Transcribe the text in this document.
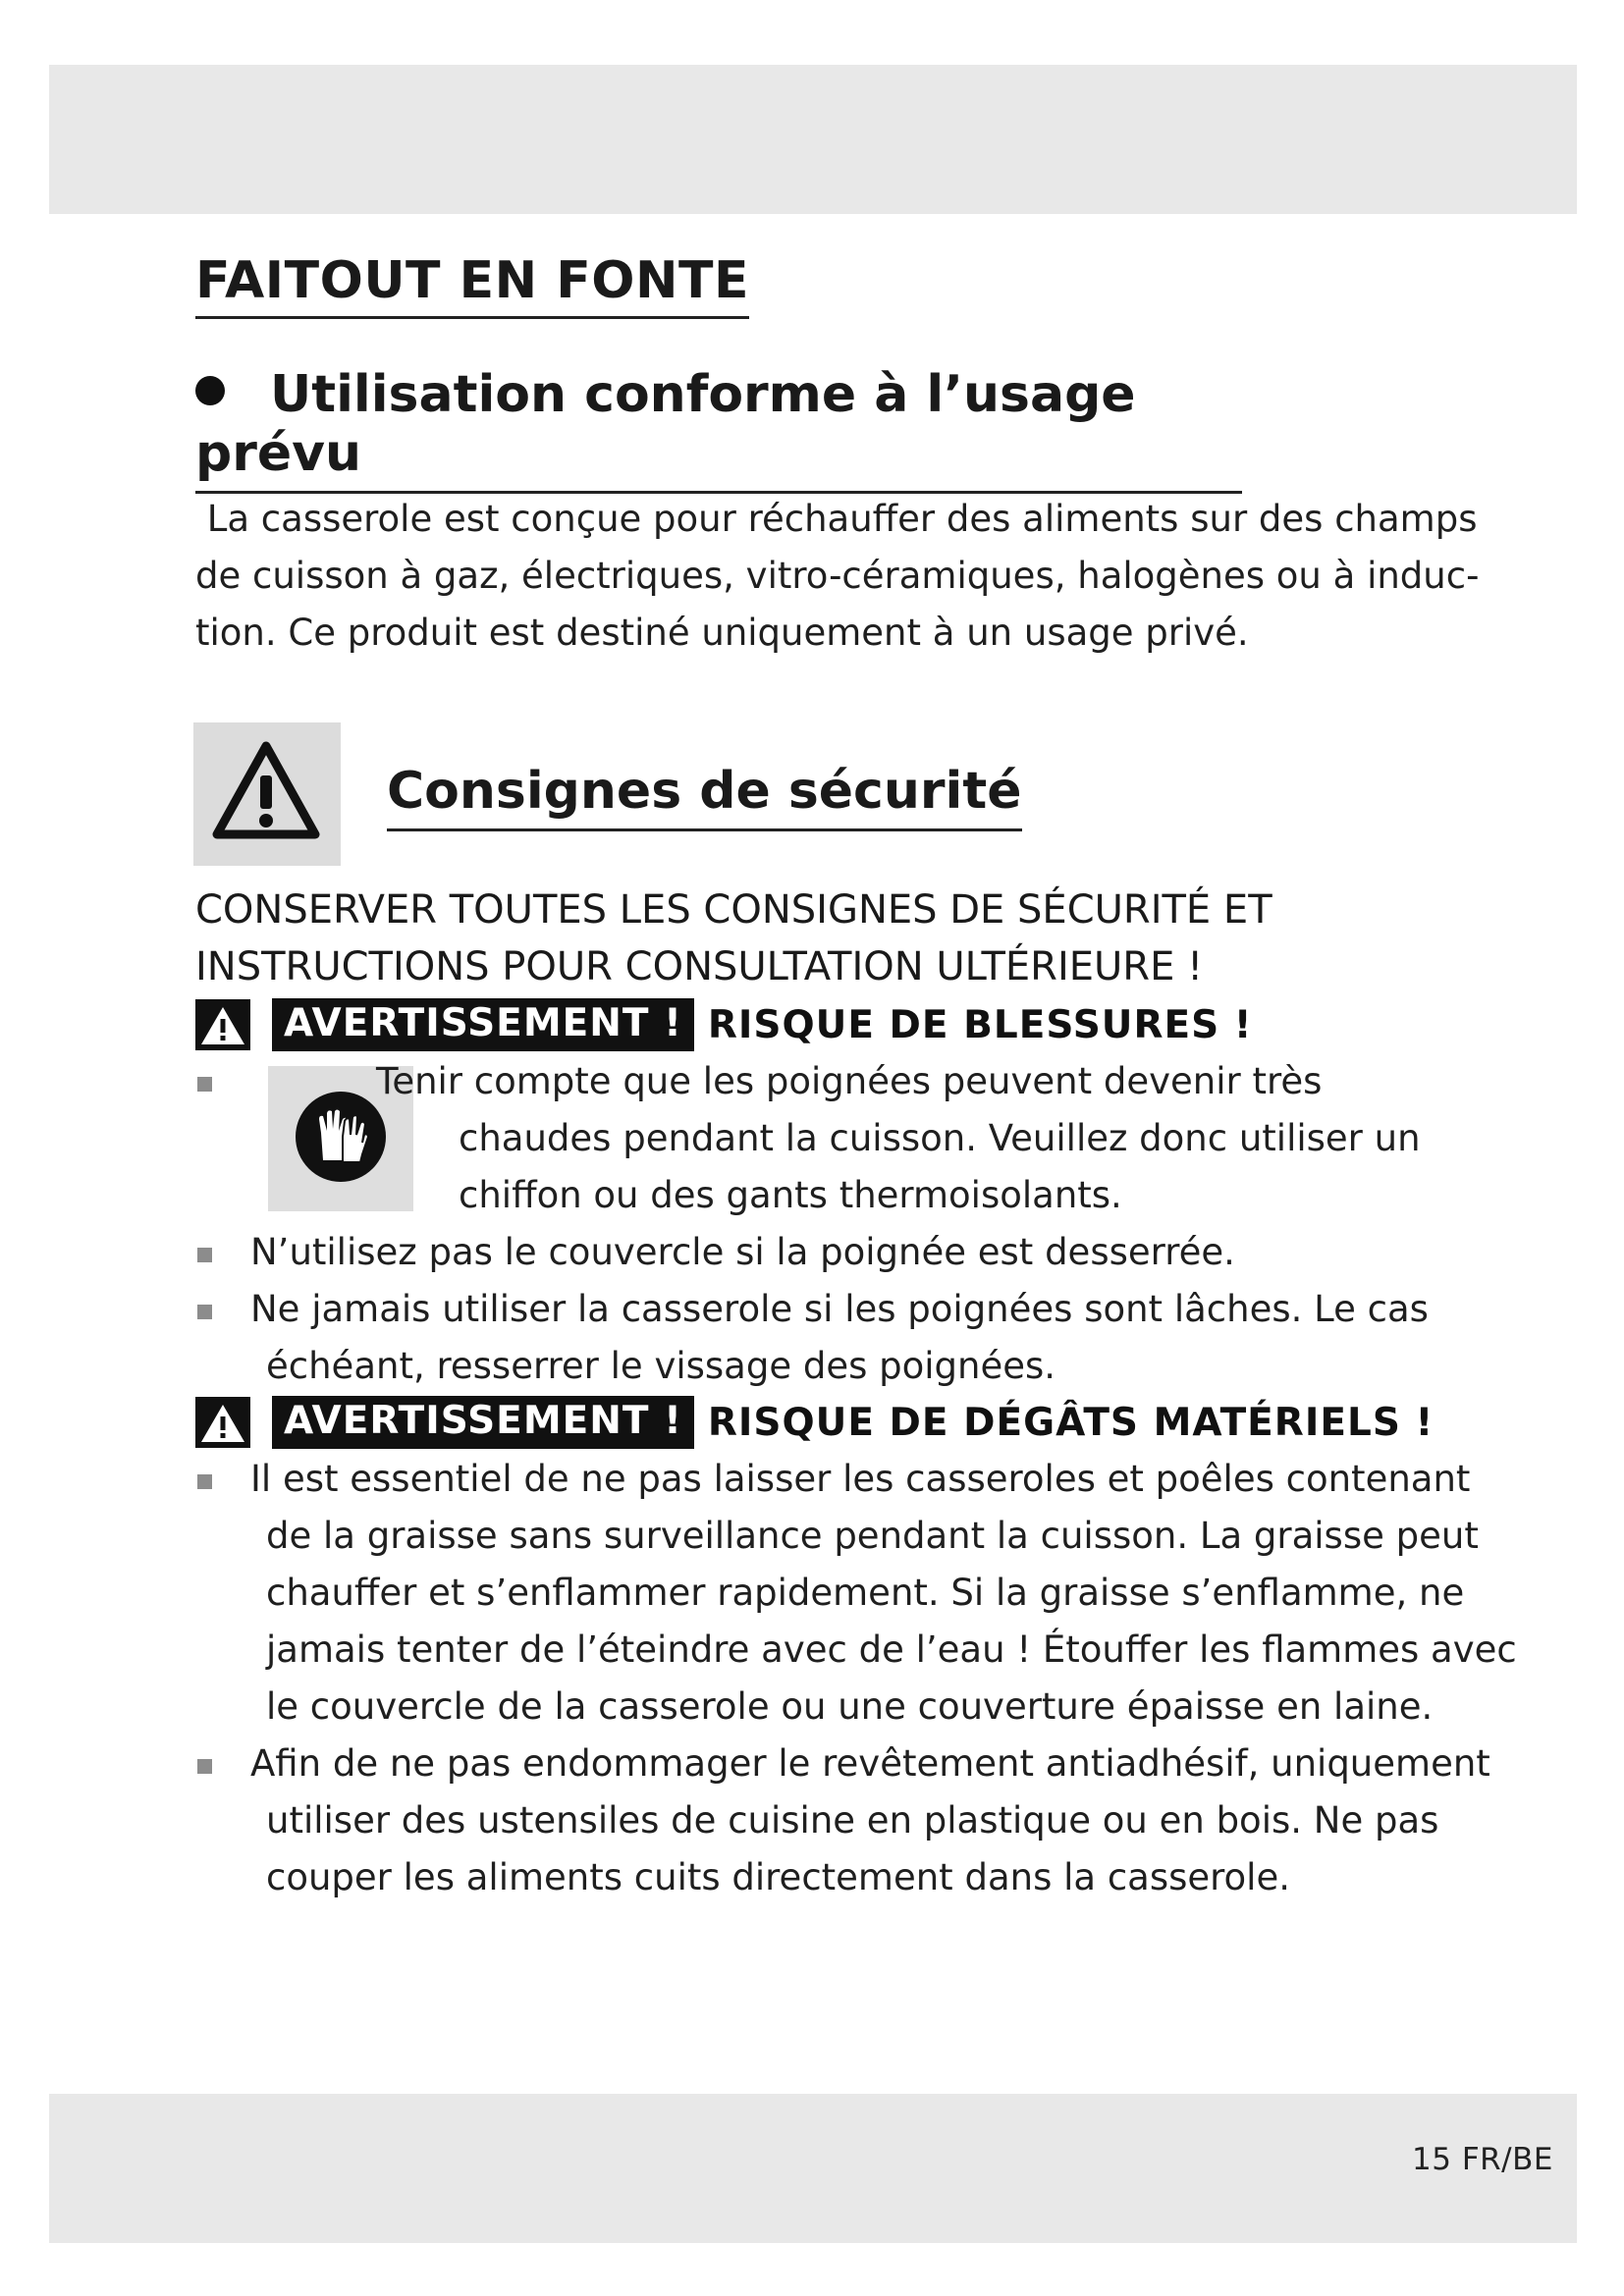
FAITOUT EN FONTE
Utilisation conforme à l’usage prévu

La casserole est conçue pour réchauffer des aliments sur des champs
de cuisson à gaz, électriques, vitro-céramiques, halogènes ou à induc-
tion. Ce produit est destiné uniquement à un usage privé.

Consignes de sécurité

CONSERVER TOUTES LES CONSIGNES DE SÉCURITÉ ET
INSTRUCTIONS POUR CONSULTATION ULTÉRIEURE !

AVERTISSEMENT ! RISQUE DE BLESSURES !
Tenir compte que les poignées peuvent devenir très
chaudes pendant la cuisson. Veuillez donc utiliser un
chiffon ou des gants thermoisolants.
N’utilisez pas le couvercle si la poignée est desserrée.
Ne jamais utiliser la casserole si les poignées sont lâches. Le cas
échéant, resserrer le vissage des poignées.
AVERTISSEMENT ! RISQUE DE DÉGÂTS MATÉRIELS !
Il est essentiel de ne pas laisser les casseroles et poêles contenant
de la graisse sans surveillance pendant la cuisson. La graisse peut
chauffer et s’enflammer rapidement. Si la graisse s’enflamme, ne
jamais tenter de l’éteindre avec de l’eau ! Étouffer les flammes avec
le couvercle de la casserole ou une couverture épaisse en laine.
Afin de ne pas endommager le revêtement antiadhésif, uniquement
utiliser des ustensiles de cuisine en plastique ou en bois. Ne pas
couper les aliments cuits directement dans la casserole.
15 FR/BE
